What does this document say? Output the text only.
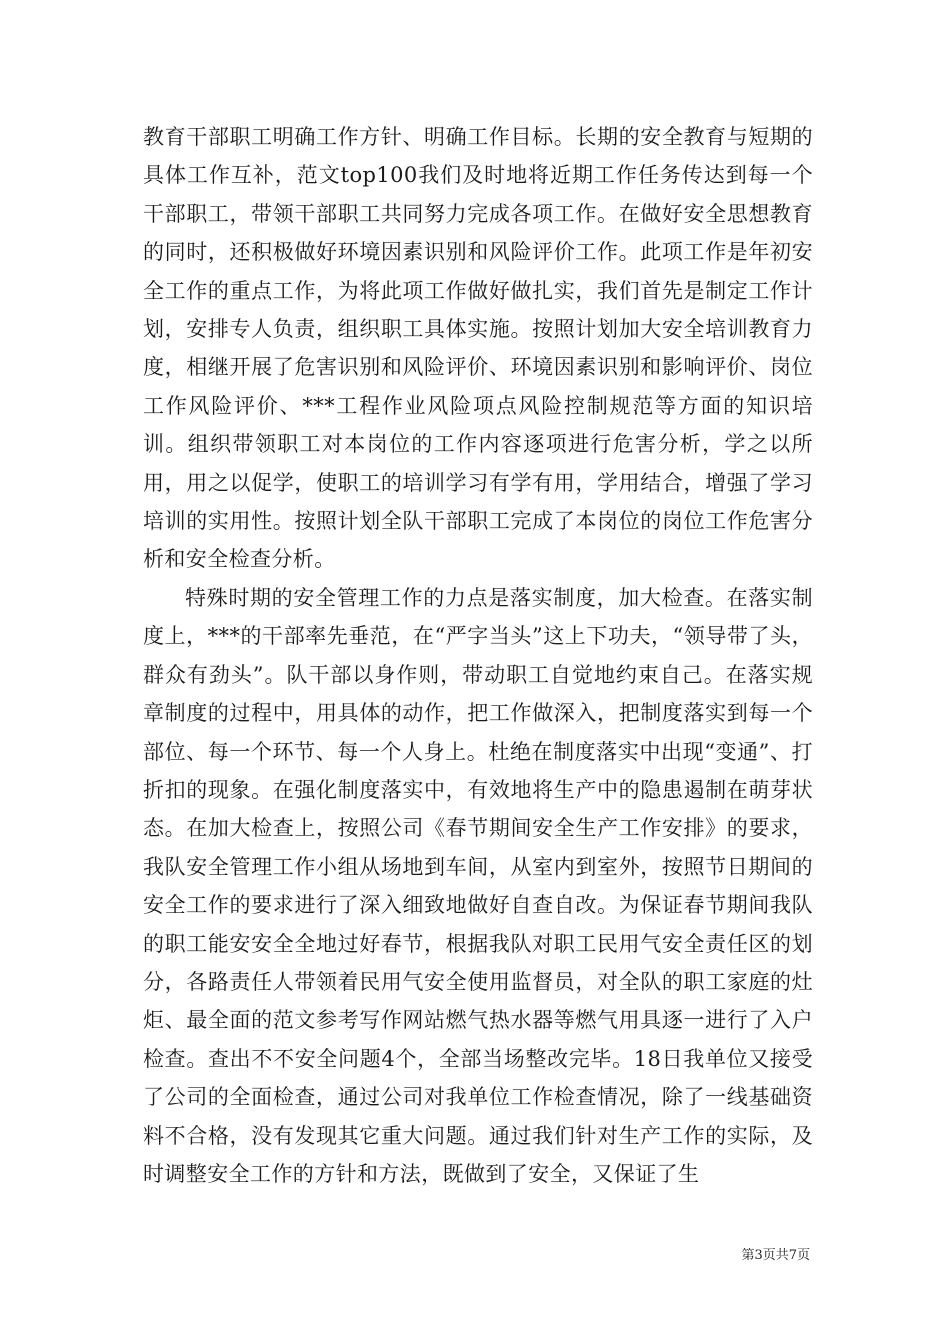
教育干部职工明确工作方针、明确工作目标。长期的安全教育与短期的具体工作互补，范文top100我们及时地将近期工作任务传达到每一个干部职工，带领干部职工共同努力完成各项工作。在做好安全思想教育的同时，还积极做好环境因素识别和风险评价工作。此项工作是年初安全工作的重点工作，为将此项工作做好做扎实，我们首先是制定工作计划，安排专人负责，组织职工具体实施。按照计划加大安全培训教育力度，相继开展了危害识别和风险评价、环境因素识别和影响评价、岗位工作风险评价、***工程作业风险项点风险控制规范等方面的知识培训。组织带领职工对本岗位的工作内容逐项进行危害分析，学之以所用，用之以促学，使职工的培训学习有学有用，学用结合，增强了学习培训的实用性。按照计划全队干部职工完成了本岗位的岗位工作危害分析和安全检查分析。

特殊时期的安全管理工作的力点是落实制度，加大检查。在落实制度上，***的干部率先垂范，在“严字当头”这上下功夫，“领导带了头，群众有劲头”。队干部以身作则，带动职工自觉地约束自己。在落实规章制度的过程中，用具体的动作，把工作做深入，把制度落实到每一个部位、每一个环节、每一个人身上。杜绝在制度落实中出现“变通”、打折扣的现象。在强化制度落实中，有效地将生产中的隐患遏制在萌芽状态。在加大检查上，按照公司《春节期间安全生产工作安排》的要求，我队安全管理工作小组从场地到车间，从室内到室外，按照节日期间的安全工作的要求进行了深入细致地做好自查自改。为保证春节期间我队的职工能安安全全地过好春节，根据我队对职工民用气安全责任区的划分，各路责任人带领着民用气安全使用监督员，对全队的职工家庭的灶炬、最全面的范文参考写作网站燃气热水器等燃气用具逐一进行了入户检查。查出不不安全问题4个，全部当场整改完毕。18日我单位又接受了公司的全面检查，通过公司对我单位工作检查情况，除了一线基础资料不合格，没有发现其它重大问题。通过我们针对生产工作的实际，及时调整安全工作的方针和方法，既做到了安全，又保证了生

第3页共7页
